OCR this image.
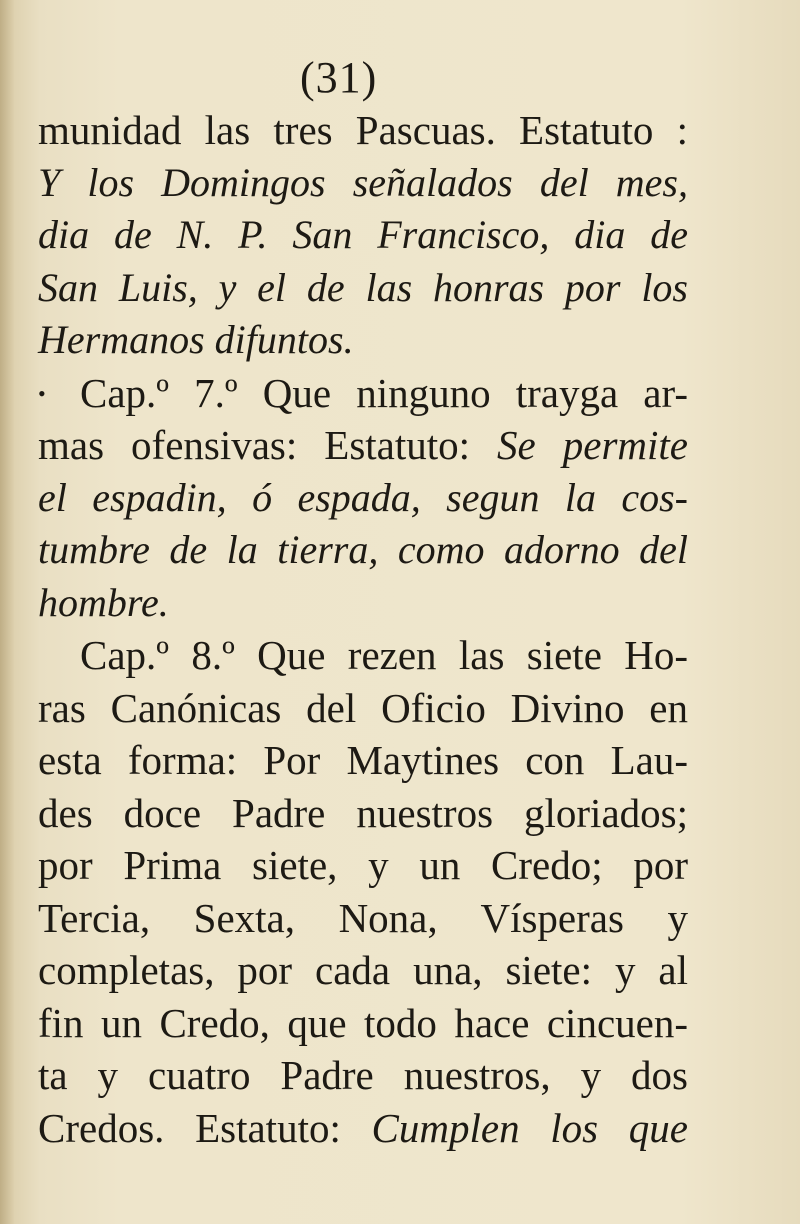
(31)
munidad las tres Pascuas. Estatuto :
Y los Domingos señalados del mes,
dia de N. P. San Francisco, dia de
San Luis, y el de las honras por los
Hermanos difuntos.
• Cap.º 7.º Que ninguno trayga ar-
mas ofensivas: Estatuto: Se permite
el espadin, ó espada, segun la cos-
tumbre de la tierra, como adorno del
hombre.
Cap.º 8.º Que rezen las siete Ho-
ras Canónicas del Oficio Divino en
esta forma: Por Maytines con Lau-
des doce Padre nuestros gloriados;
por Prima siete, y un Credo; por
Tercia, Sexta, Nona, Vísperas y
completas, por cada una, siete: y al
fin un Credo, que todo hace cincuen-
ta y cuatro Padre nuestros, y dos
Credos. Estatuto: Cumplen los que
